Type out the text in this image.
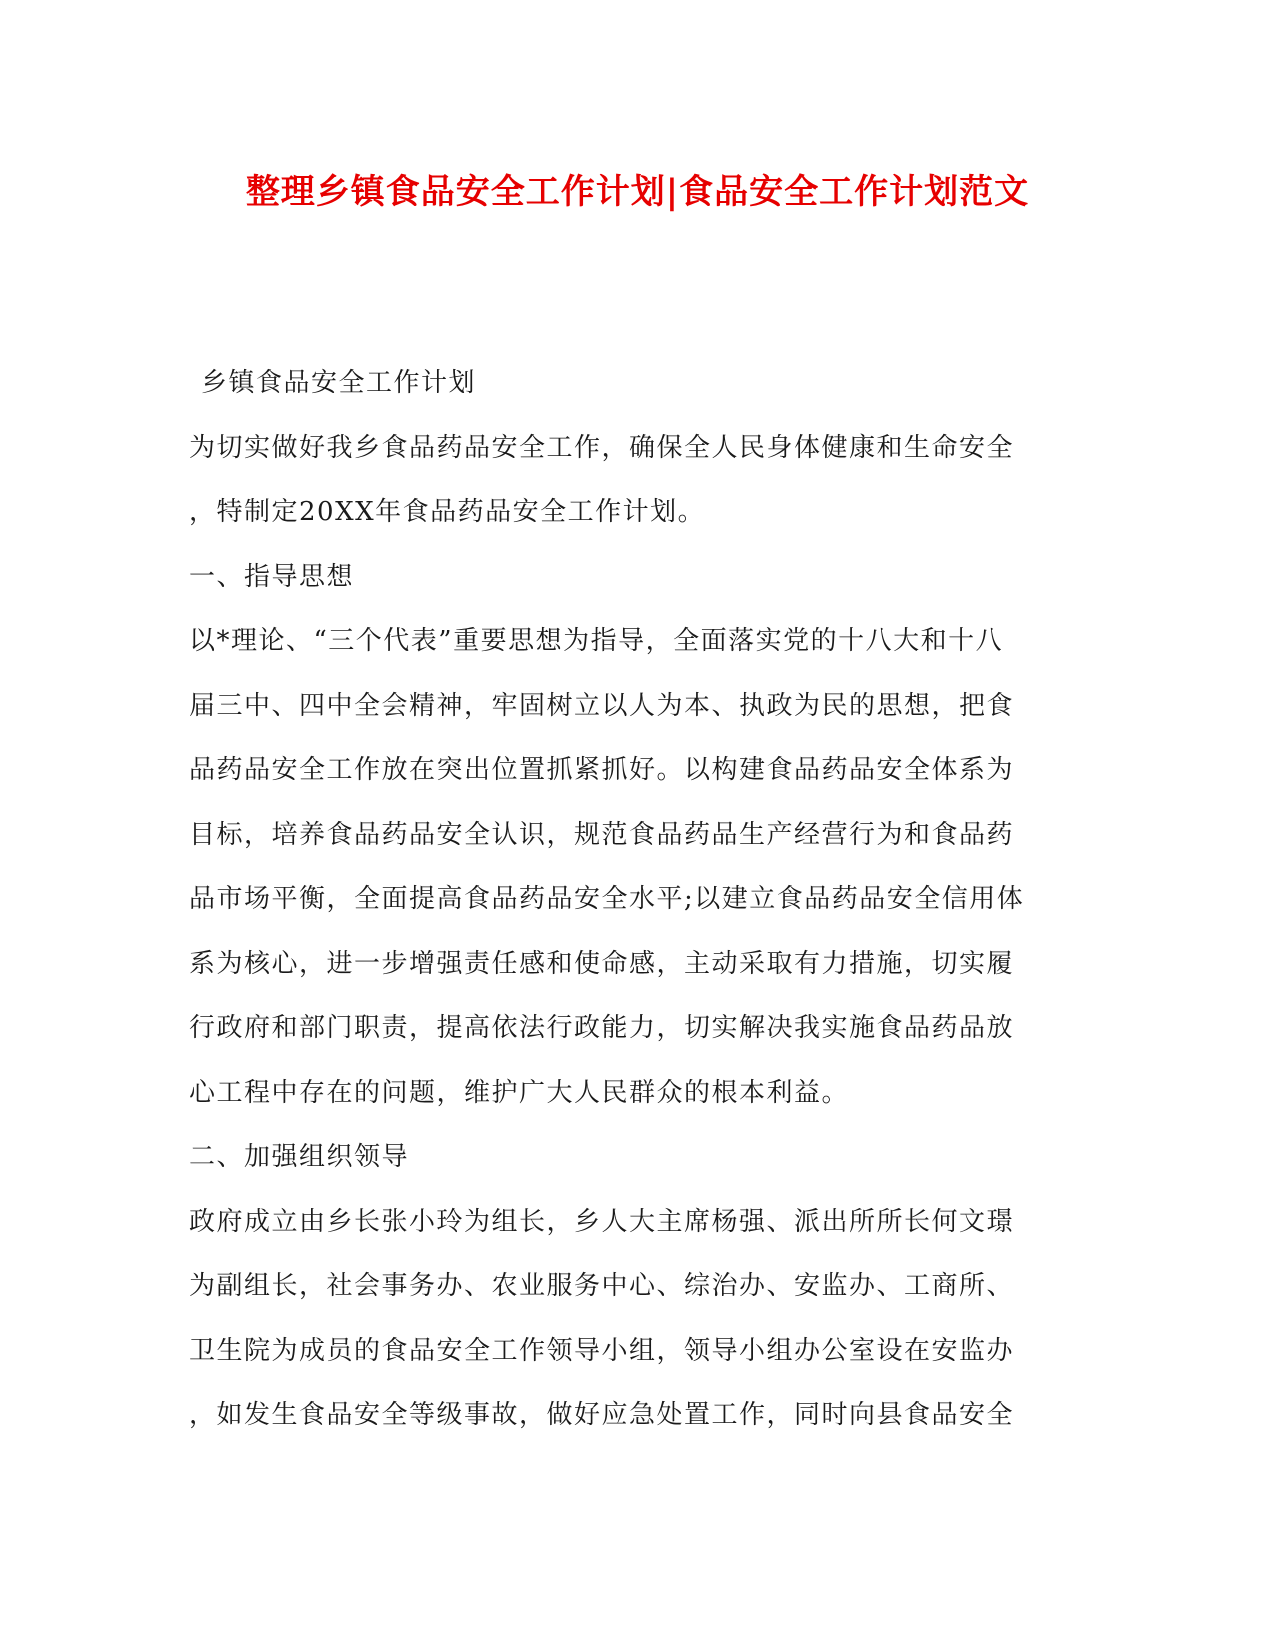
整理乡镇食品安全工作计划|食品安全工作计划范文
乡镇食品安全工作计划
为切实做好我乡食品药品安全工作，确保全人民身体健康和生命安全
，特制定20XX年食品药品安全工作计划。
一、指导思想
以*理论、“三个代表”重要思想为指导，全面落实党的十八大和十八
届三中、四中全会精神，牢固树立以人为本、执政为民的思想，把食
品药品安全工作放在突出位置抓紧抓好。以构建食品药品安全体系为
目标，培养食品药品安全认识，规范食品药品生产经营行为和食品药
品市场平衡，全面提高食品药品安全水平;以建立食品药品安全信用体
系为核心，进一步增强责任感和使命感，主动采取有力措施，切实履
行政府和部门职责，提高依法行政能力，切实解决我实施食品药品放
心工程中存在的问题，维护广大人民群众的根本利益。
二、加强组织领导
政府成立由乡长张小玲为组长，乡人大主席杨强、派出所所长何文璟
为副组长，社会事务办、农业服务中心、综治办、安监办、工商所、
卫生院为成员的食品安全工作领导小组，领导小组办公室设在安监办
，如发生食品安全等级事故，做好应急处置工作，同时向县食品安全
